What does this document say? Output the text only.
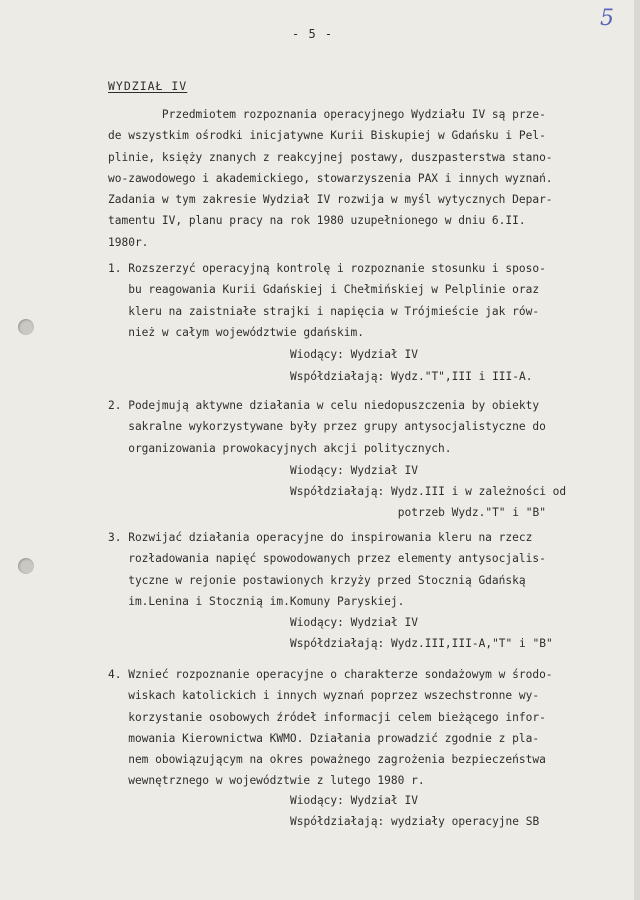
- 5 -
5
WYDZIAŁ IV
Przedmiotem rozpoznania operacyjnego Wydziału IV są prze-
de wszystkim ośrodki inicjatywne Kurii Biskupiej w Gdańsku i Pel-
plinie, księży znanych z reakcyjnej postawy, duszpasterstwa stano-
wo-zawodowego i akademickiego, stowarzyszenia PAX i innych wyznań.
Zadania w tym zakresie Wydział IV rozwija w myśl wytycznych Depar-
tamentu IV, planu pracy na rok 1980 uzupełnionego w dniu 6.II.
1980r.
1. Rozszerzyć operacyjną kontrolę i rozpoznanie stosunku i sposo-
bu reagowania Kurii Gdańskiej i Chełmińskiej w Pelplinie oraz
kleru na zaistniałe strajki i napięcia w Trójmieście jak rów-
nież w całym województwie gdańskim.
Wiodący: Wydział IV
Współdziałają: Wydz."T",III i III-A.
2. Podejmują aktywne działania w celu niedopuszczenia by obiekty
sakralne wykorzystywane były przez grupy antysocjalistyczne do
organizowania prowokacyjnych akcji politycznych.
Wiodący: Wydział IV
Współdziałają: Wydz.III i w zależności od
potrzeb Wydz."T" i "B"
3. Rozwijać działania operacyjne do inspirowania kleru na rzecz
rozładowania napięć spowodowanych przez elementy antysocjalis-
tyczne w rejonie postawionych krzyży przed Stocznią Gdańską
im.Lenina i Stocznią im.Komuny Paryskiej.
Wiodący: Wydział IV
Współdziałają: Wydz.III,III-A,"T" i "B"
4. Wznieć rozpoznanie operacyjne o charakterze sondażowym w środo-
wiskach katolickich i innych wyznań poprzez wszechstronne wy-
korzystanie osobowych źródeł informacji celem bieżącego infor-
mowania Kierownictwa KWMO. Działania prowadzić zgodnie z pla-
nem obowiązującym na okres poważnego zagrożenia bezpieczeństwa
wewnętrznego w województwie z lutego 1980 r.
Wiodący: Wydział IV
Współdziałają: wydziały operacyjne SB
